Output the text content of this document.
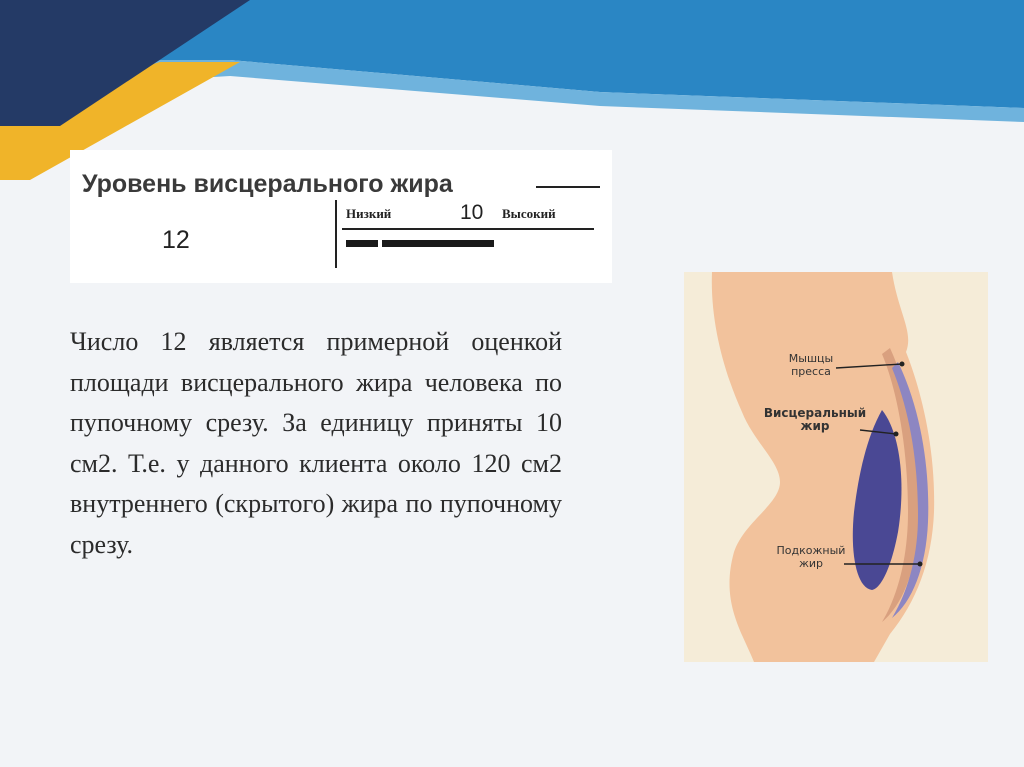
Уровень висцерального жира
12
Низкий	10 Высокий

Число 12 является примерной оценкой площади висцерального жира человека по пупочному срезу. За единицу приняты 10 см2. Т.е. у данного клиента около 120 см2 внутреннего (скрытого) жира по пупочному срезу.

Мышцы
пресса
Висцеральный
жир
Подкожный
жир
